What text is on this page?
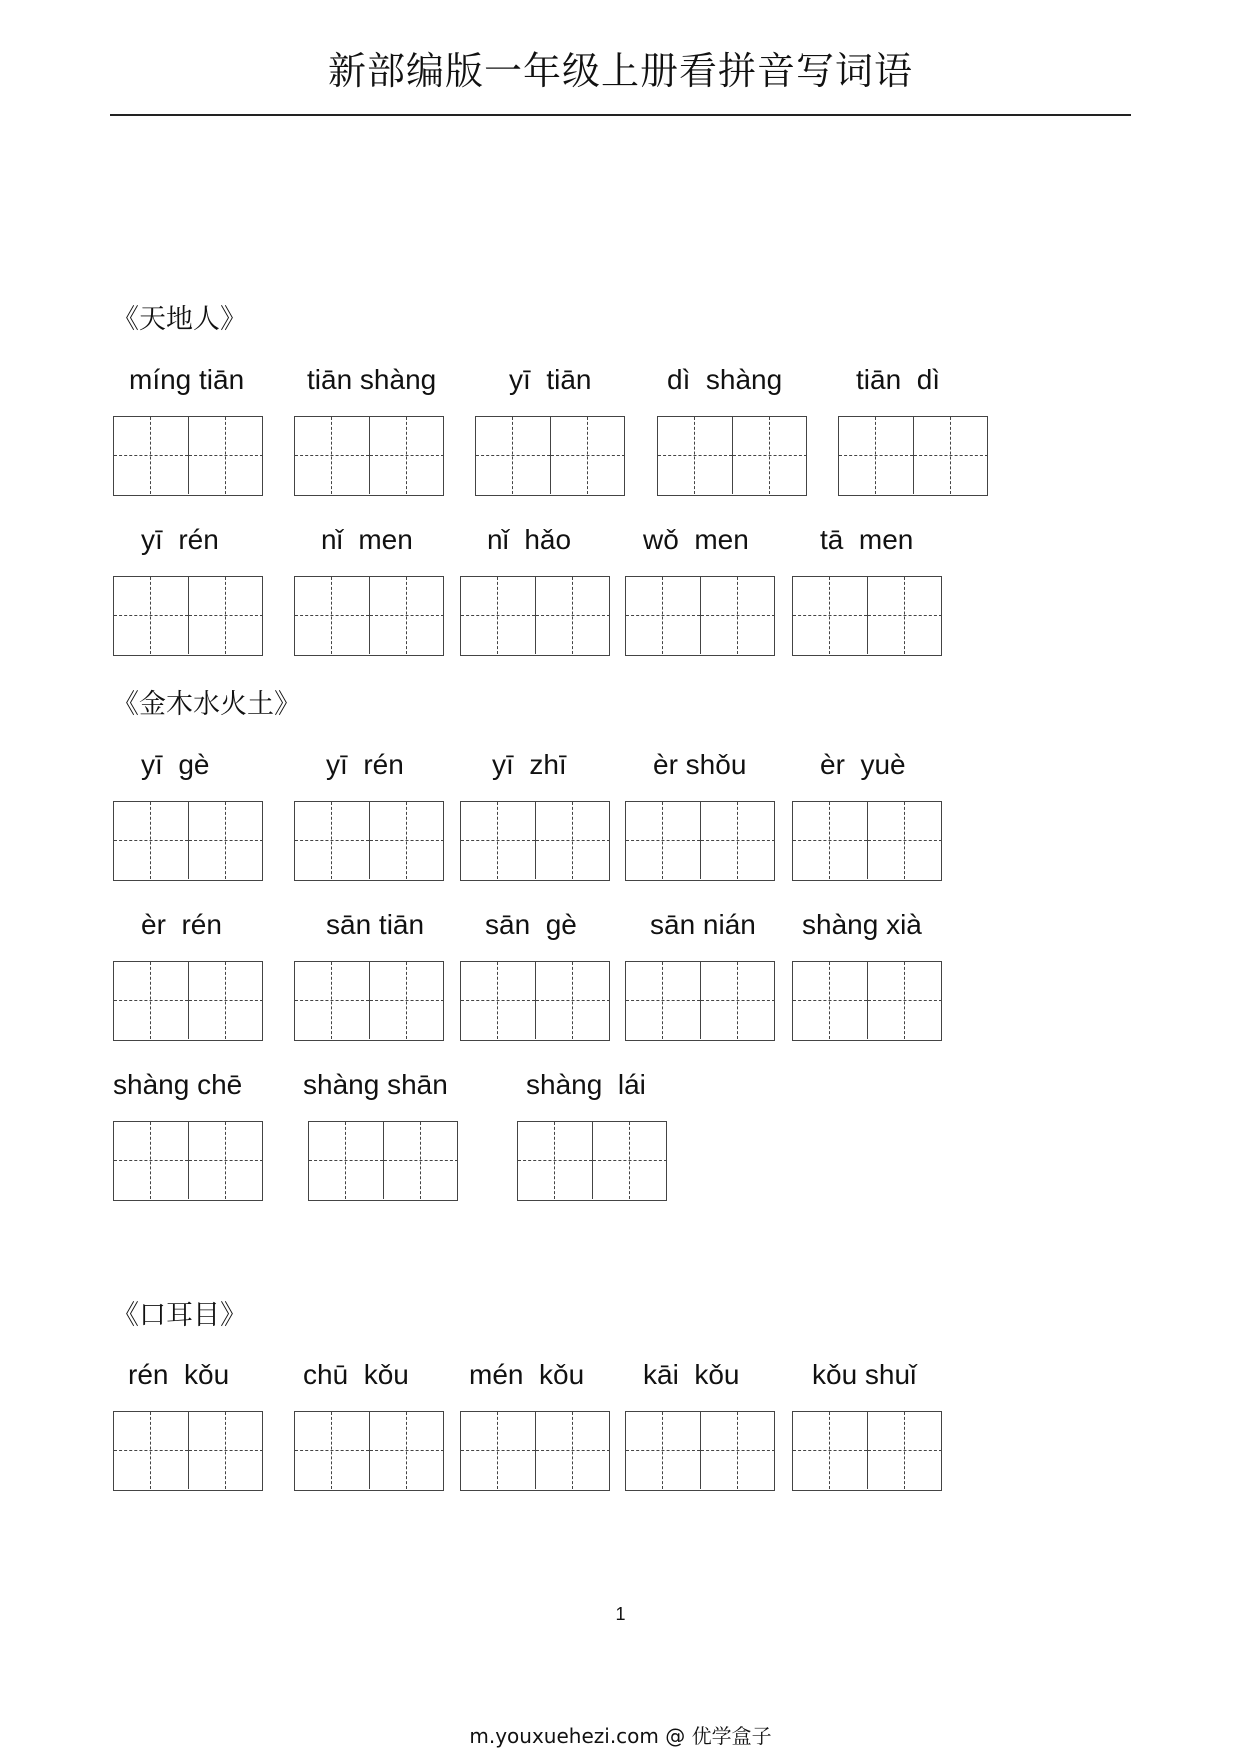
新部编版一年级上册看拼音写词语
《天地人》
《金木水火土》
《口耳目》
míng tiān	tiān shàng	yī  tiān	dì  shàng	tiān  dì
yī  rén	nǐ  men	nǐ  hǎo	wǒ  men	tā  men
yī  gè	yī  rén	yī  zhī	èr shǒu	èr  yuè
èr  rén	sān tiān	sān  gè	sān nián	shàng xià
shàng chē	shàng shān	shàng  lái
rén  kǒu	chū  kǒu	mén  kǒu	kāi  kǒu	kǒu shuǐ
1
m.youxuehezi.com @ 优学盒子
